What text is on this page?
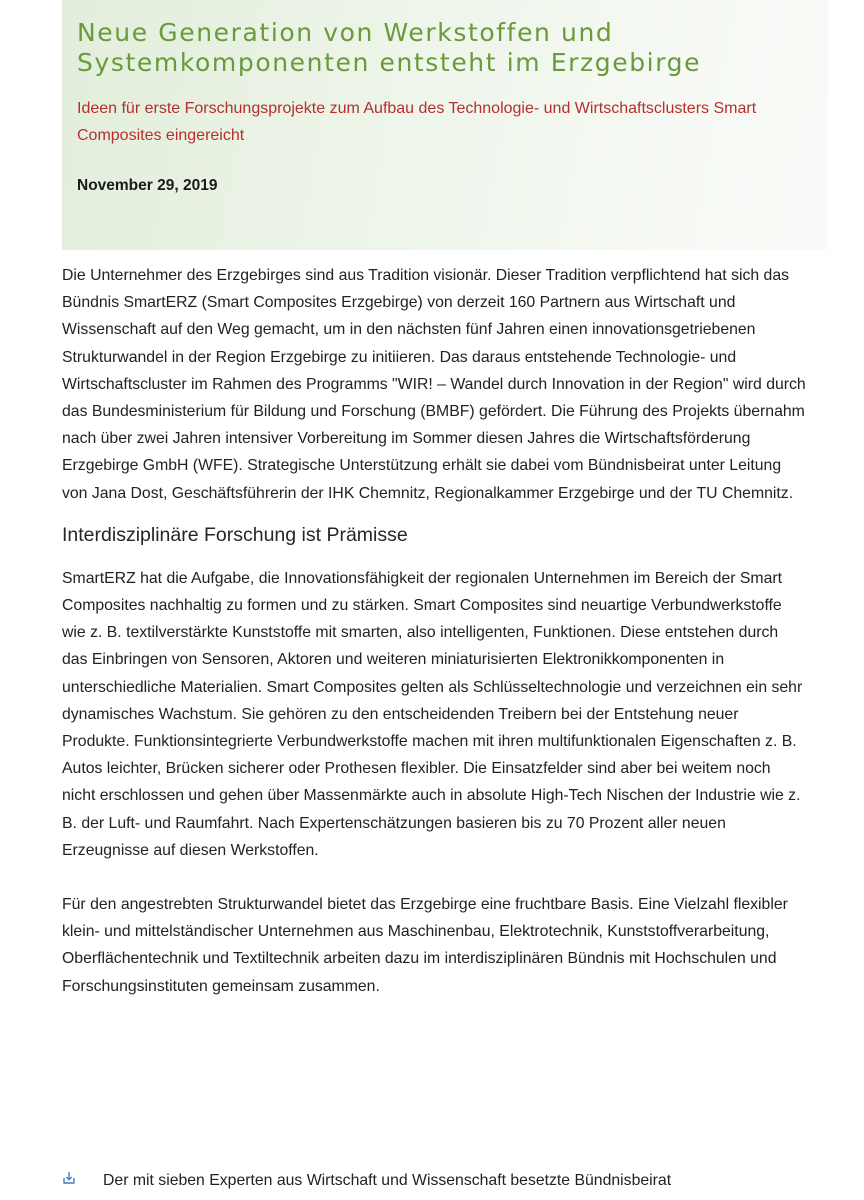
Neue Generation von Werkstoffen und Systemkomponenten entsteht im Erzgebirge

Ideen für erste Forschungsprojekte zum Aufbau des Technologie- und Wirtschaftsclusters Smart Composites eingereicht

November 29, 2019

Die Unternehmer des Erzgebirges sind aus Tradition visionär. Dieser Tradition verpflichtend hat sich das Bündnis SmartERZ (Smart Composites Erzgebirge) von derzeit 160 Partnern aus Wirtschaft und Wissenschaft auf den Weg gemacht, um in den nächsten fünf Jahren einen innovationsgetriebenen Strukturwandel in der Region Erzgebirge zu initiieren. Das daraus entstehende Technologie- und Wirtschaftscluster im Rahmen des Programms "WIR! – Wandel durch Innovation in der Region" wird durch das Bundesministerium für Bildung und Forschung (BMBF) gefördert. Die Führung des Projekts übernahm nach über zwei Jahren intensiver Vorbereitung im Sommer diesen Jahres die Wirtschaftsförderung Erzgebirge GmbH (WFE). Strategische Unterstützung erhält sie dabei vom Bündnisbeirat unter Leitung von Jana Dost, Geschäftsführerin der IHK Chemnitz, Regionalkammer Erzgebirge und der TU Chemnitz.

Interdisziplinäre Forschung ist Prämisse

SmartERZ hat die Aufgabe, die Innovationsfähigkeit der regionalen Unternehmen im Bereich der Smart Composites nachhaltig zu formen und zu stärken. Smart Composites sind neuartige Verbundwerkstoffe wie z. B. textilverstärkte Kunststoffe mit smarten, also intelligenten, Funktionen. Diese entstehen durch das Einbringen von Sensoren, Aktoren und weiteren miniaturisierten Elektronikkomponenten in unterschiedliche Materialien. Smart Composites gelten als Schlüsseltechnologie und verzeichnen ein sehr dynamisches Wachstum. Sie gehören zu den entscheidenden Treibern bei der Entstehung neuer Produkte. Funktionsintegrierte Verbundwerkstoffe machen mit ihren multifunktionalen Eigenschaften z. B. Autos leichter, Brücken sicherer oder Prothesen flexibler. Die Einsatzfelder sind aber bei weitem noch nicht erschlossen und gehen über Massenmärkte auch in absolute High-Tech Nischen der Industrie wie z. B. der Luft- und Raumfahrt. Nach Expertenschätzungen basieren bis zu 70 Prozent aller neuen Erzeugnisse auf diesen Werkstoffen.

Für den angestrebten Strukturwandel bietet das Erzgebirge eine fruchtbare Basis. Eine Vielzahl flexibler klein- und mittelständischer Unternehmen aus Maschinenbau, Elektrotechnik, Kunststoffverarbeitung, Oberflächentechnik und Textiltechnik arbeiten dazu im interdisziplinären Bündnis mit Hochschulen und Forschungsinstituten gemeinsam zusammen.

Der mit sieben Experten aus Wirtschaft und Wissenschaft besetzte Bündnisbeirat
